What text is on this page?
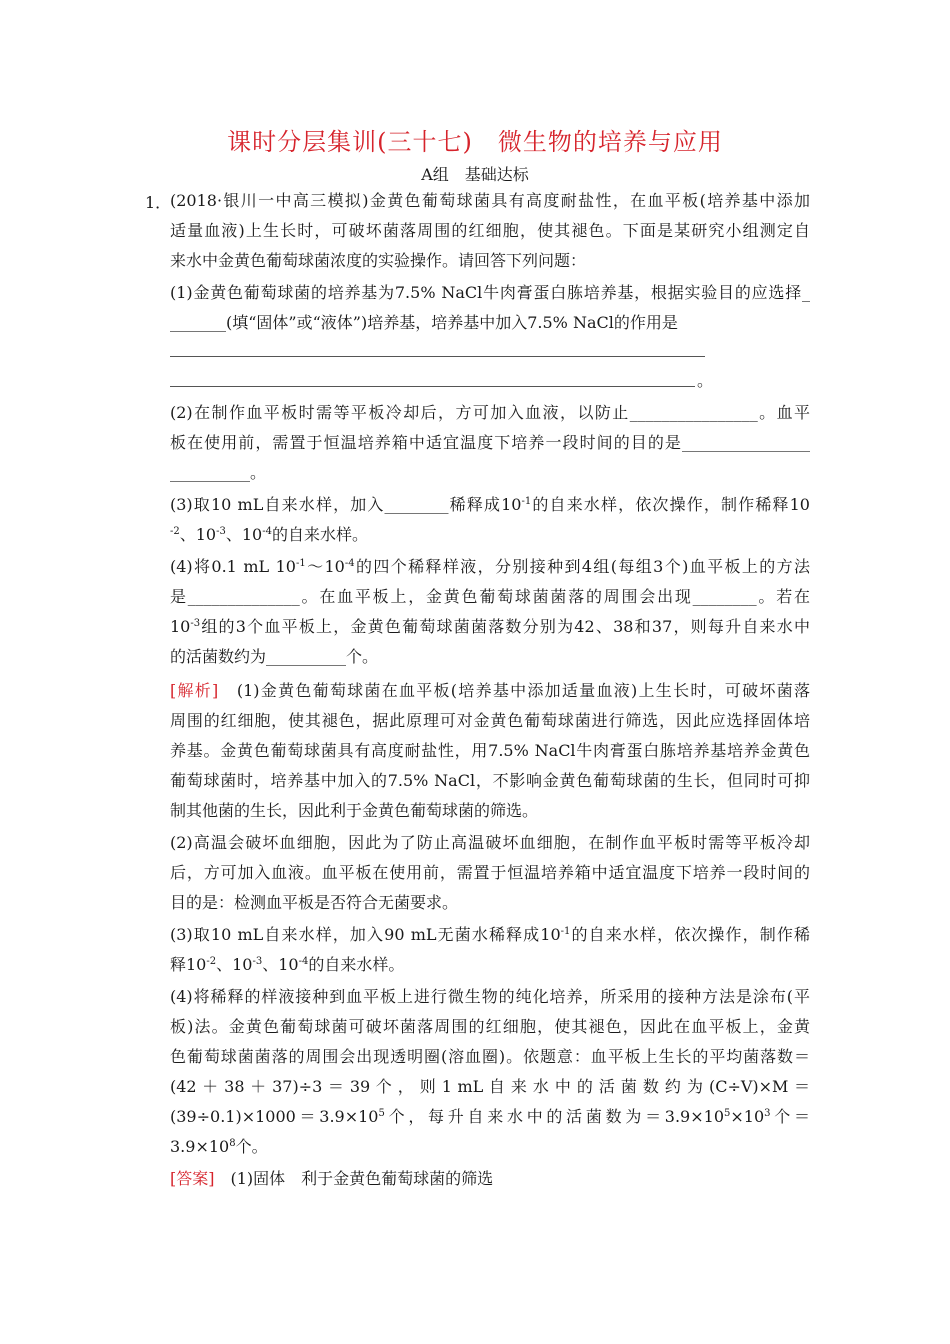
课时分层集训(三十七)　微生物的培养与应用
A组　基础达标
1．
(2018·银川一中高三模拟)金黄色葡萄球菌具有高度耐盐性，在血平板(培养基中添加
适量血液)上生长时，可破坏菌落周围的红细胞，使其褪色。下面是某研究小组测定自
来水中金黄色葡萄球菌浓度的实验操作。请回答下列问题：
(1)金黄色葡萄球菌的培养基为7.5% NaCl牛肉膏蛋白胨培养基，根据实验目的应选择_
_______(填“固体”或“液体”)培养基，培养基中加入7.5% NaCl的作用是
。
(2)在制作血平板时需等平板冷却后，方可加入血液，以防止________________。血平
板在使用前，需置于恒温培养箱中适宜温度下培养一段时间的目的是________________
__________。
(3)取10 mL自来水样，加入________稀释成$10^{-1}$的自来水样，依次操作，制作稀释10
$^{-2}$、$10^{-3}$、$10^{-4}$的自来水样。
(4)将0.1 mL $10^{-1}\sim 10^{-4}$的四个稀释样液，分别接种到4组(每组3个)血平板上的方法
是______________。在血平板上，金黄色葡萄球菌菌落的周围会出现________。若在
$10^{-3}$组的3个血平板上，金黄色葡萄球菌菌落数分别为42、38和37，则每升自来水中
的活菌数约为__________个。
[解析]　(1)金黄色葡萄球菌在血平板(培养基中添加适量血液)上生长时，可破坏菌落
周围的红细胞，使其褪色，据此原理可对金黄色葡萄球菌进行筛选，因此应选择固体培
养基。金黄色葡萄球菌具有高度耐盐性，用7.5% NaCl牛肉膏蛋白胨培养基培养金黄色
葡萄球菌时，培养基中加入的7.5% NaCl，不影响金黄色葡萄球菌的生长，但同时可抑
制其他菌的生长，因此利于金黄色葡萄球菌的筛选。
(2)高温会破坏血细胞，因此为了防止高温破坏血细胞，在制作血平板时需等平板冷却
后，方可加入血液。血平板在使用前，需置于恒温培养箱中适宜温度下培养一段时间的
目的是：检测血平板是否符合无菌要求。
(3)取10 mL自来水样，加入90 mL无菌水稀释成$10^{-1}$的自来水样，依次操作，制作稀
释$10^{-2}$、$10^{-3}$、$10^{-4}$的自来水样。
(4)将稀释的样液接种到血平板上进行微生物的纯化培养，所采用的接种方法是涂布(平
板)法。金黄色葡萄球菌可破坏菌落周围的红细胞，使其褪色，因此在血平板上，金黄
色葡萄球菌菌落的周围会出现透明圈(溶血圈)。依题意：血平板上生长的平均菌落数＝
(42 ＋ 38 ＋ 37)÷3 ＝ 39 个 ， 则 1 mL 自 来 水 中 的 活 菌 数 约 为 (C÷V)×M ＝
$(39\div 0.1)\times 1000=3.9\times 10^5$个，每升自来水中的活菌数为$=3.9\times 10^5\times 10^3$个＝
$3.9\times 10^8$个。
[答案]　(1)固体　利于金黄色葡萄球菌的筛选
